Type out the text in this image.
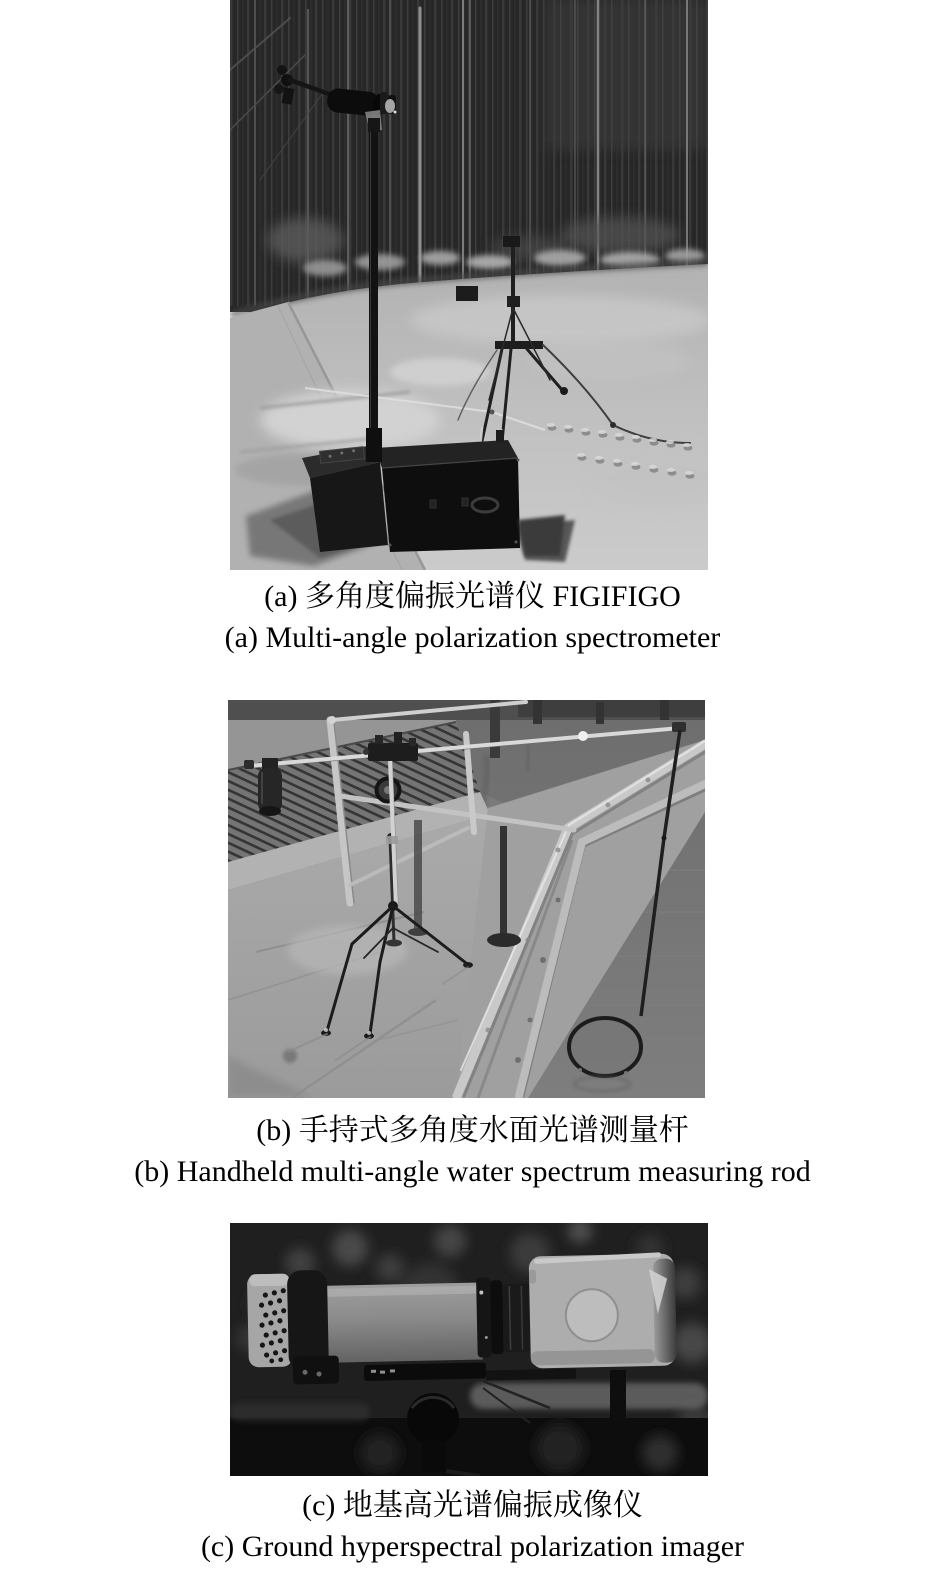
(a) 多角度偏振光谱仪 FIGIFIGO
(a) Multi-angle polarization spectrometer
(b) 手持式多角度水面光谱测量杆
(b) Handheld multi-angle water spectrum measuring rod
(c) 地基高光谱偏振成像仪
(c) Ground hyperspectral polarization imager
